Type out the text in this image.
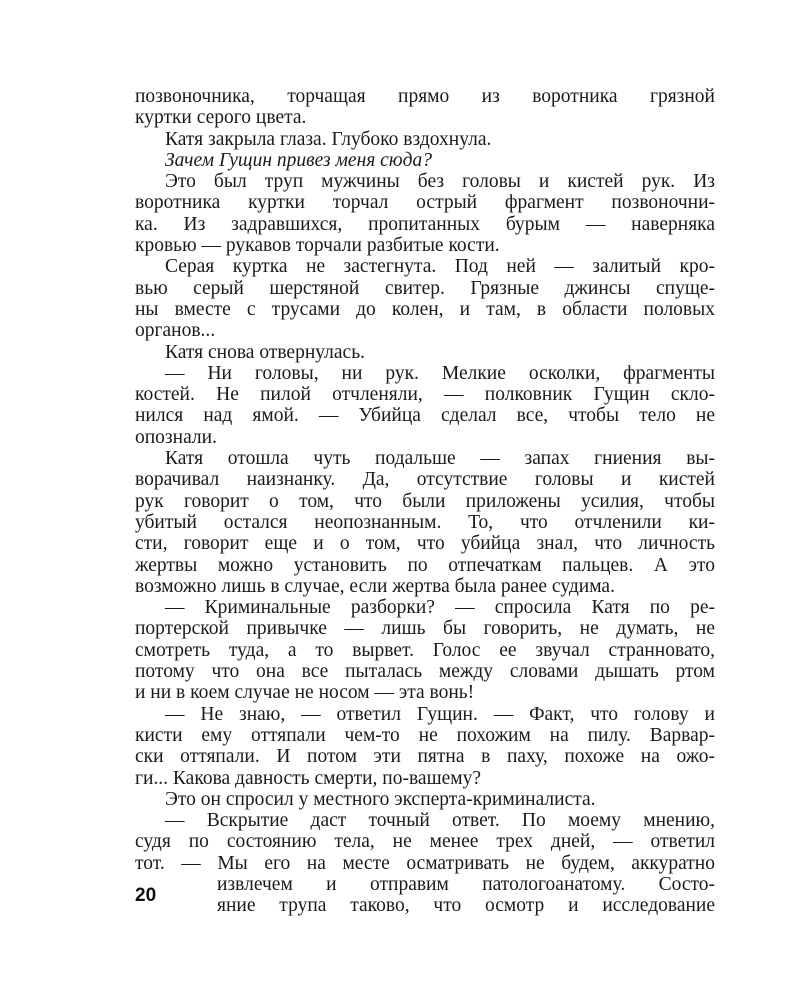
позвоночника, торчащая прямо из воротника грязной
куртки серого цвета.
Катя закрыла глаза. Глубоко вздохнула.
Зачем Гущин привез меня сюда?
Это был труп мужчины без головы и кистей рук. Из
воротника куртки торчал острый фрагмент позвоночни-
ка. Из задравшихся, пропитанных бурым — наверняка
кровью — рукавов торчали разбитые кости.
Серая куртка не застегнута. Под ней — залитый кро-
вью серый шерстяной свитер. Грязные джинсы спуще-
ны вместе с трусами до колен, и там, в области половых
органов...
Катя снова отвернулась.
— Ни головы, ни рук. Мелкие осколки, фрагменты
костей. Не пилой отчленяли, — полковник Гущин скло-
нился над ямой. — Убийца сделал все, чтобы тело не
опознали.
Катя отошла чуть подальше — запах гниения вы-
ворачивал наизнанку. Да, отсутствие головы и кистей
рук говорит о том, что были приложены усилия, чтобы
убитый остался неопознанным. То, что отчленили ки-
сти, говорит еще и о том, что убийца знал, что личность
жертвы можно установить по отпечаткам пальцев. А это
возможно лишь в случае, если жертва была ранее судима.
— Криминальные разборки? — спросила Катя по ре-
портерской привычке — лишь бы говорить, не думать, не
смотреть туда, а то вырвет. Голос ее звучал странновато,
потому что она все пыталась между словами дышать ртом
и ни в коем случае не носом — эта вонь!
— Не знаю, — ответил Гущин. — Факт, что голову и
кисти ему оттяпали чем-то не похожим на пилу. Варвар-
ски оттяпали. И потом эти пятна в паху, похоже на ожо-
ги... Какова давность смерти, по-вашему?
Это он спросил у местного эксперта-криминалиста.
— Вскрытие даст точный ответ. По моему мнению,
судя по состоянию тела, не менее трех дней, — ответил
тот. — Мы его на месте осматривать не будем, аккуратно
извлечем и отправим патологоанатому. Состо-
яние трупа таково, что осмотр и исследование
20
